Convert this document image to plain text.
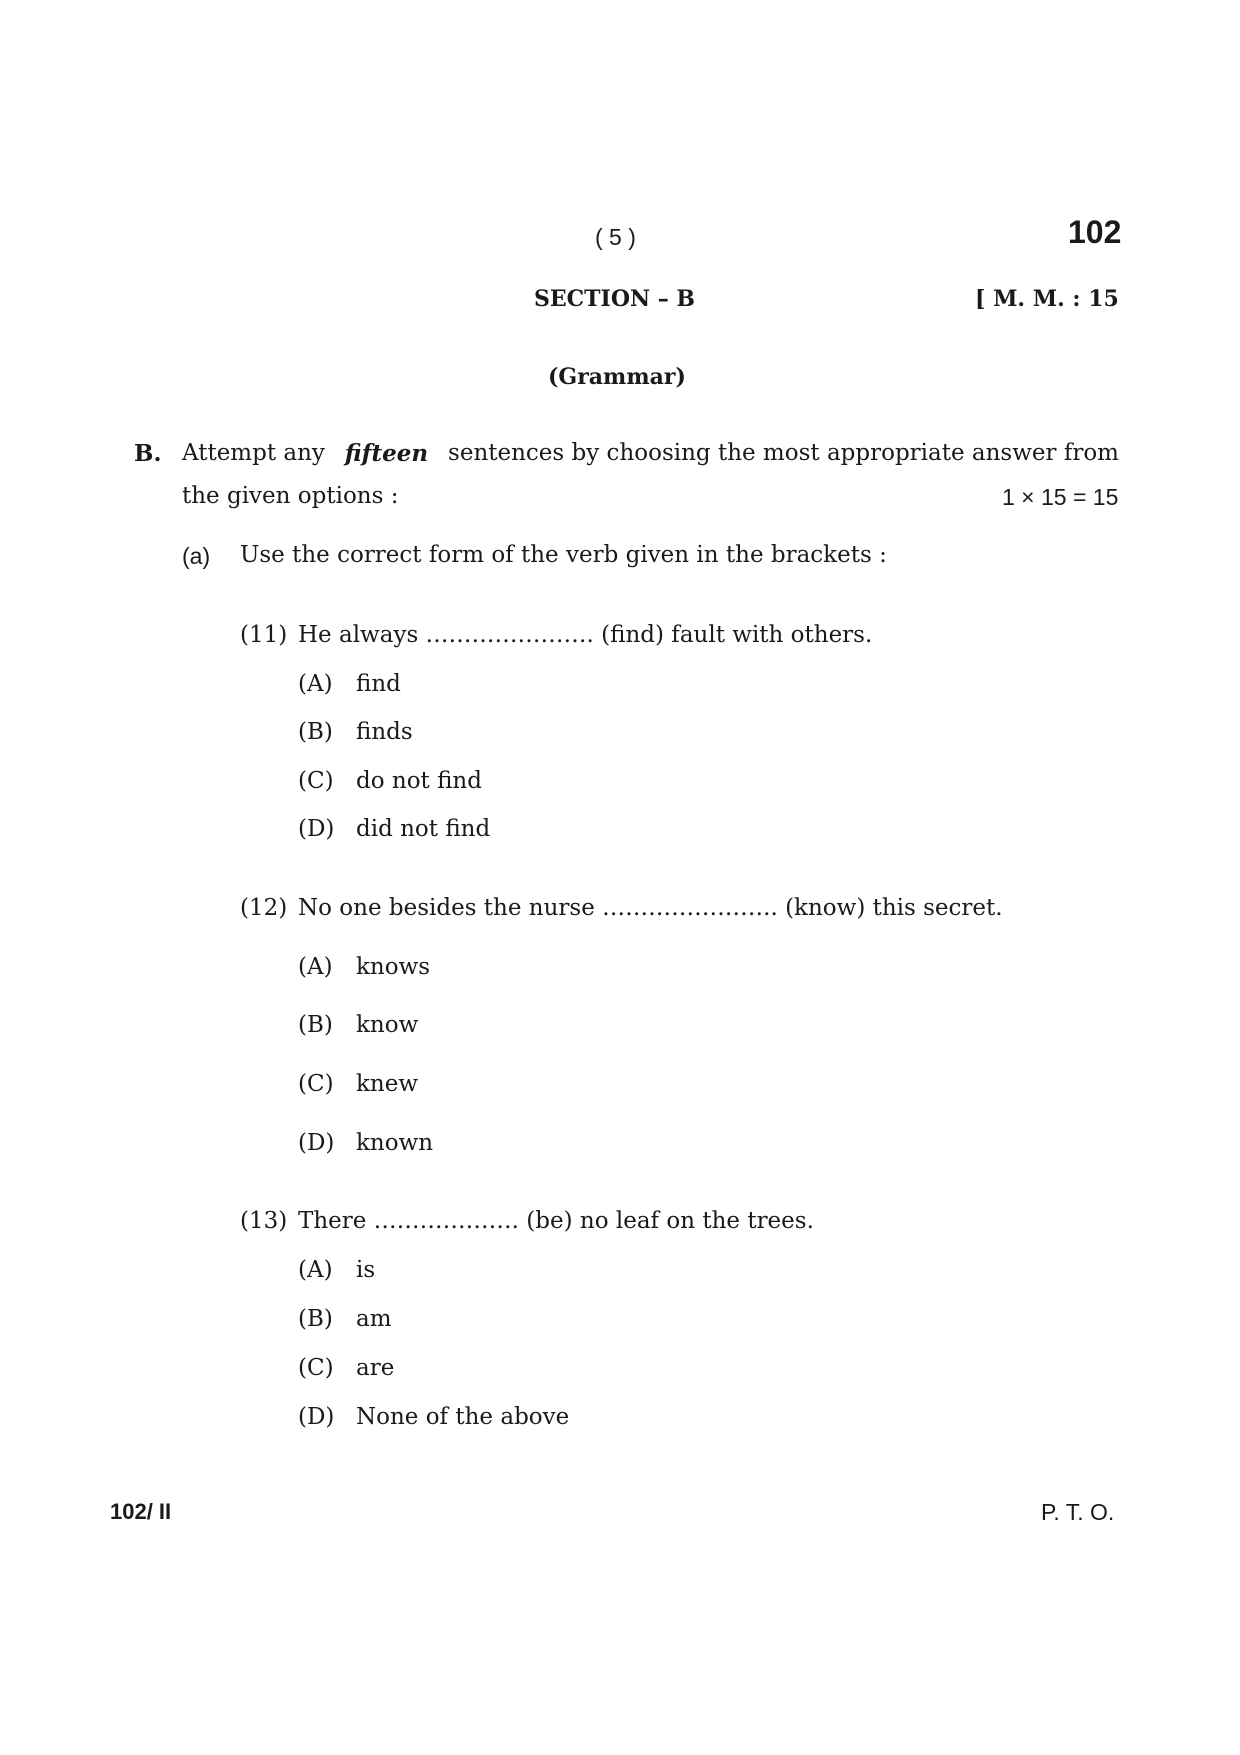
( 5 )	102
SECTION – B	[ M. M. : 15
(Grammar)
B. Attempt any fifteen sentences by choosing the most appropriate answer from
the given options :	1 × 15 = 15
(a) Use the correct form of the verb given in the brackets :
(11) He always …………………. (find) fault with others.
(A) find
(B) finds
(C) do not find
(D) did not find
(12) No one besides the nurse ………………….. (know) this secret.
(A) knows
(B) know
(C) knew
(D) known
(13) There ………………. (be) no leaf on the trees.
(A) is
(B) am
(C) are
(D) None of the above
102/ II	P. T. O.
